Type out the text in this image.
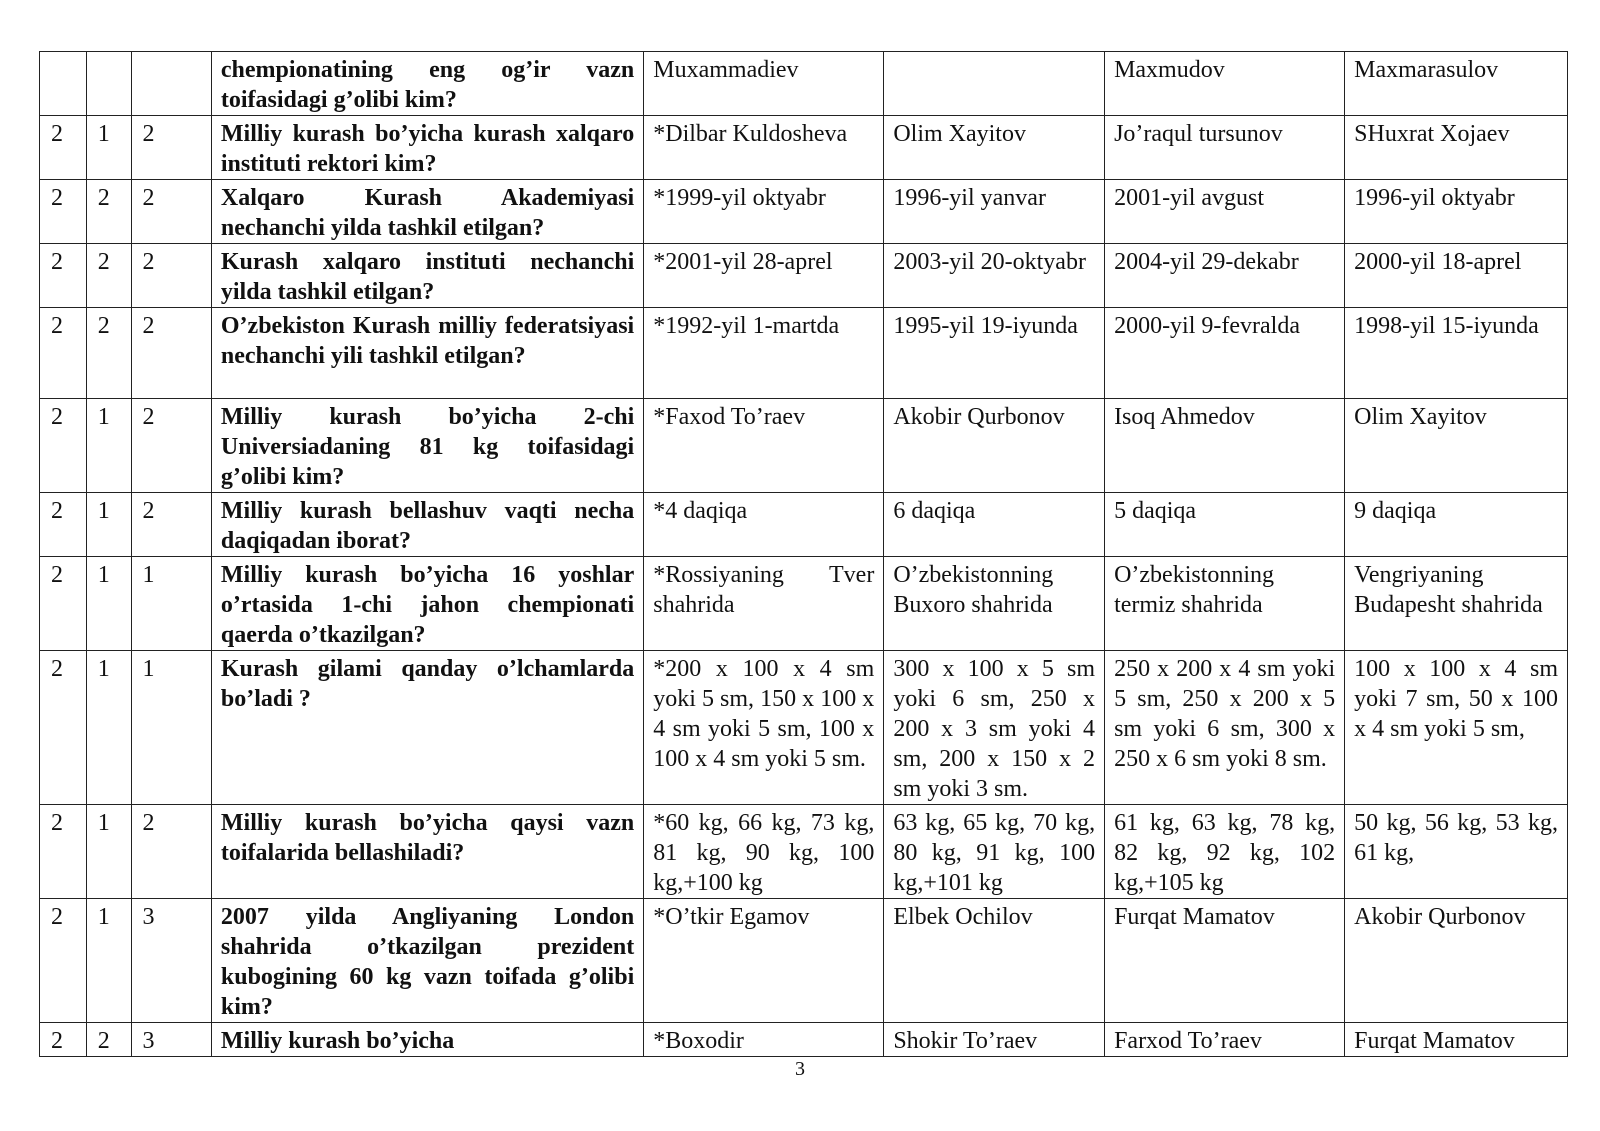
			chempionatining eng og’ir vazn toifasidagi g’olibi kim?	Muxammadiev		Maxmudov	Maxmarasulov
2	1	2	Milliy kurash bo’yicha kurash xalqaro instituti rektori kim?	*Dilbar Kuldosheva	Olim Xayitov	Jo’raqul tursunov	SHuxrat Xojaev
2	2	2	Xalqaro Kurash Akademiyasi nechanchi yilda tashkil etilgan?	*1999-yil oktyabr	1996-yil yanvar	2001-yil avgust	1996-yil oktyabr
2	2	2	Kurash xalqaro instituti nechanchi yilda tashkil etilgan?	*2001-yil 28-aprel	2003-yil 20-oktyabr	2004-yil 29-dekabr	2000-yil 18-aprel
2	2	2	O’zbekiston Kurash milliy federatsiyasi nechanchi yili tashkil etilgan?	*1992-yil 1-martda	1995-yil 19-iyunda	2000-yil 9-fevralda	1998-yil 15-iyunda
2	1	2	Milliy kurash bo’yicha 2-chi Universiadaning 81 kg toifasidagi g’olibi kim?	*Faxod To’raev	Akobir Qurbonov	Isoq Ahmedov	Olim Xayitov
2	1	2	Milliy kurash bellashuv vaqti necha daqiqadan iborat?	*4 daqiqa	6 daqiqa	5 daqiqa	9 daqiqa
2	1	1	Milliy kurash bo’yicha 16 yoshlar o’rtasida 1-chi jahon chempionati qaerda o’tkazilgan?	*Rossiyaning Tver shahrida	O’zbekistonning Buxoro shahrida	O’zbekistonning termiz shahrida	Vengriyaning Budapesht shahrida
2	1	1	Kurash gilami qanday o’lchamlarda bo’ladi ?	*200 x 100 x 4 sm yoki 5 sm, 150 x 100 x 4 sm yoki 5 sm, 100 x 100 x 4 sm yoki 5 sm.	300 x 100 x 5 sm yoki 6 sm, 250 x 200 x 3 sm yoki 4 sm, 200 x 150 x 2 sm yoki 3 sm.	250 x 200 x 4 sm yoki 5 sm, 250 x 200 x 5 sm yoki 6 sm, 300 x 250 x 6 sm yoki 8 sm.	100 x 100 x 4 sm yoki 7 sm, 50 x 100 x 4 sm yoki 5 sm,
2	1	2	Milliy kurash bo’yicha qaysi vazn toifalarida bellashiladi?	*60 kg, 66 kg, 73 kg, 81 kg, 90 kg, 100 kg,+100 kg	63 kg, 65 kg, 70 kg, 80 kg, 91 kg, 100 kg,+101 kg	61 kg, 63 kg, 78 kg, 82 kg, 92 kg, 102 kg,+105 kg	50 kg, 56 kg, 53 kg, 61 kg,
2	1	3	2007 yilda Angliyaning London shahrida o’tkazilgan prezident kubogining 60 kg vazn toifada g’olibi kim?	*O’tkir Egamov	Elbek Ochilov	Furqat Mamatov	Akobir Qurbonov
2	2	3	Milliy kurash bo’yicha	*Boxodir	Shokir To’raev	Farxod To’raev	Furqat Mamatov
3
